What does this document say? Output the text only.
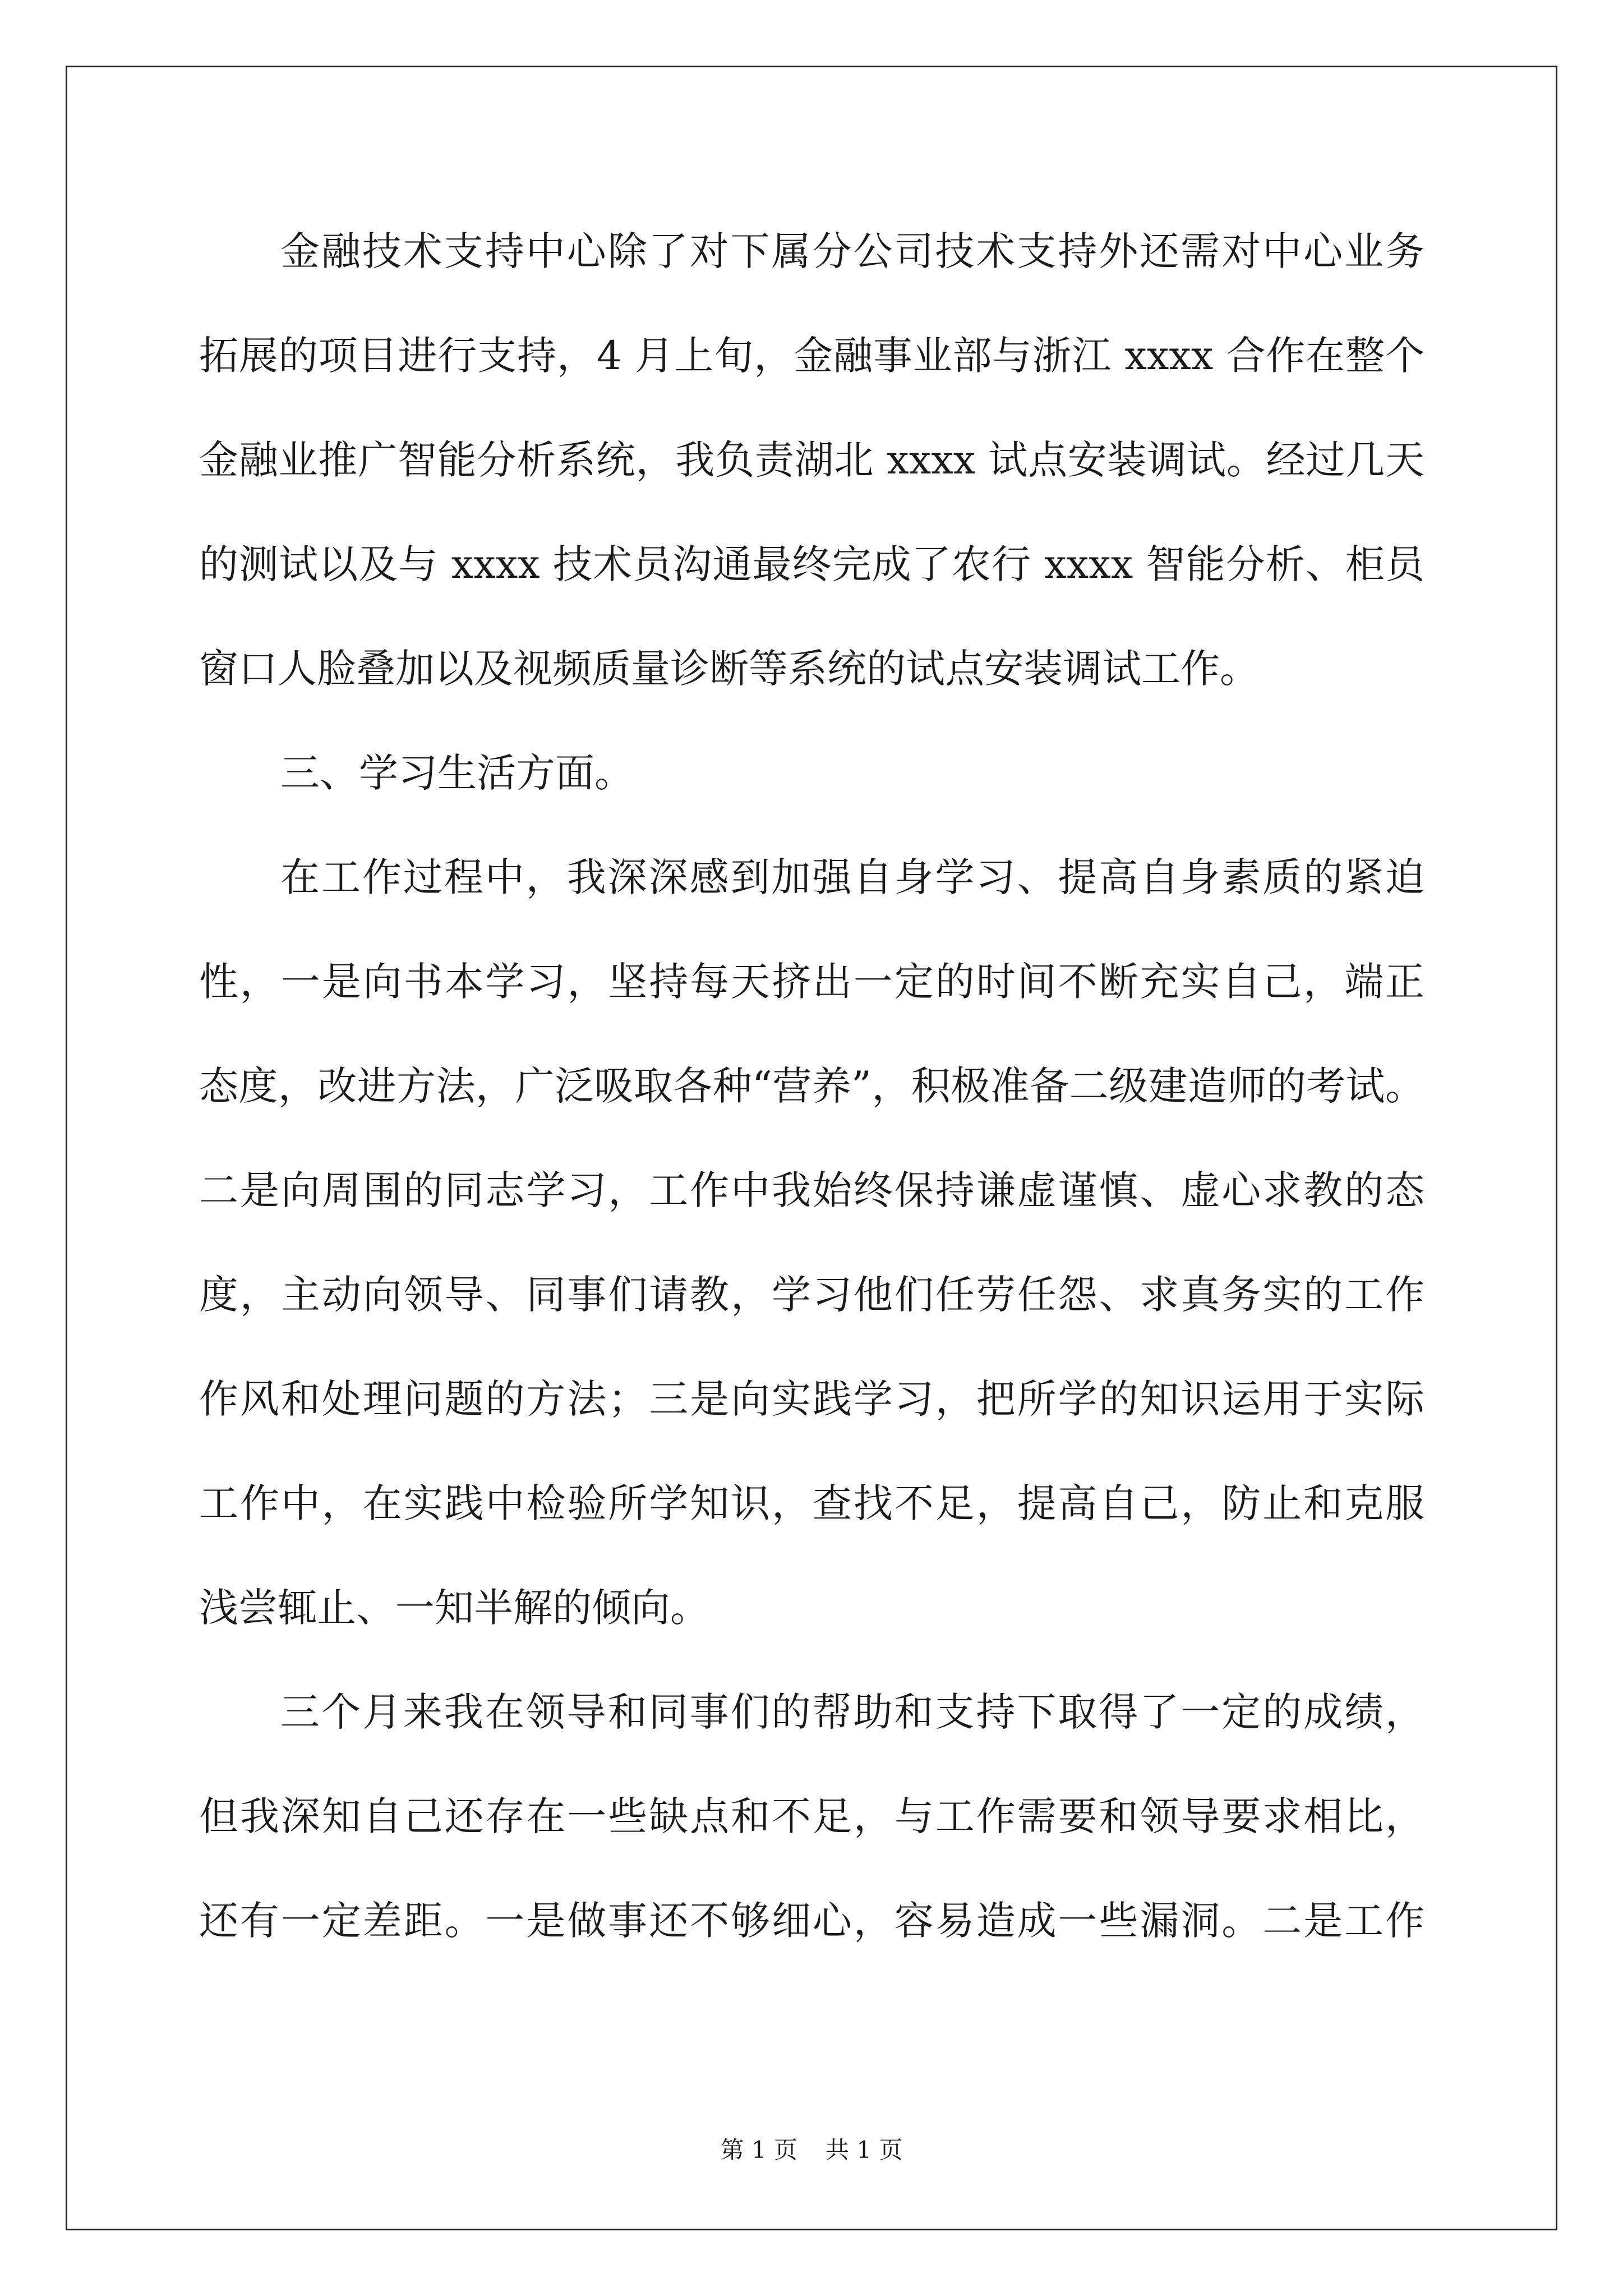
金融技术支持中心除了对下属分公司技术支持外还需对中心业务
拓展的项目进行支持，4 月上旬，金融事业部与浙江 xxxx 合作在整个
金融业推广智能分析系统，我负责湖北 xxxx 试点安装调试。经过几天
的测试以及与 xxxx 技术员沟通最终完成了农行 xxxx 智能分析、柜员
窗口人脸叠加以及视频质量诊断等系统的试点安装调试工作。
三、学习生活方面。
在工作过程中，我深深感到加强自身学习、提高自身素质的紧迫
性，一是向书本学习，坚持每天挤出一定的时间不断充实自己，端正
态度，改进方法，广泛吸取各种“营养”，积极准备二级建造师的考试。
二是向周围的同志学习，工作中我始终保持谦虚谨慎、虚心求教的态
度，主动向领导、同事们请教，学习他们任劳任怨、求真务实的工作
作风和处理问题的方法；三是向实践学习，把所学的知识运用于实际
工作中，在实践中检验所学知识，查找不足，提高自己，防止和克服
浅尝辄止、一知半解的倾向。
三个月来我在领导和同事们的帮助和支持下取得了一定的成绩，
但我深知自己还存在一些缺点和不足，与工作需要和领导要求相比，
还有一定差距。一是做事还不够细心，容易造成一些漏洞。二是工作
第 1 页 共 1 页
